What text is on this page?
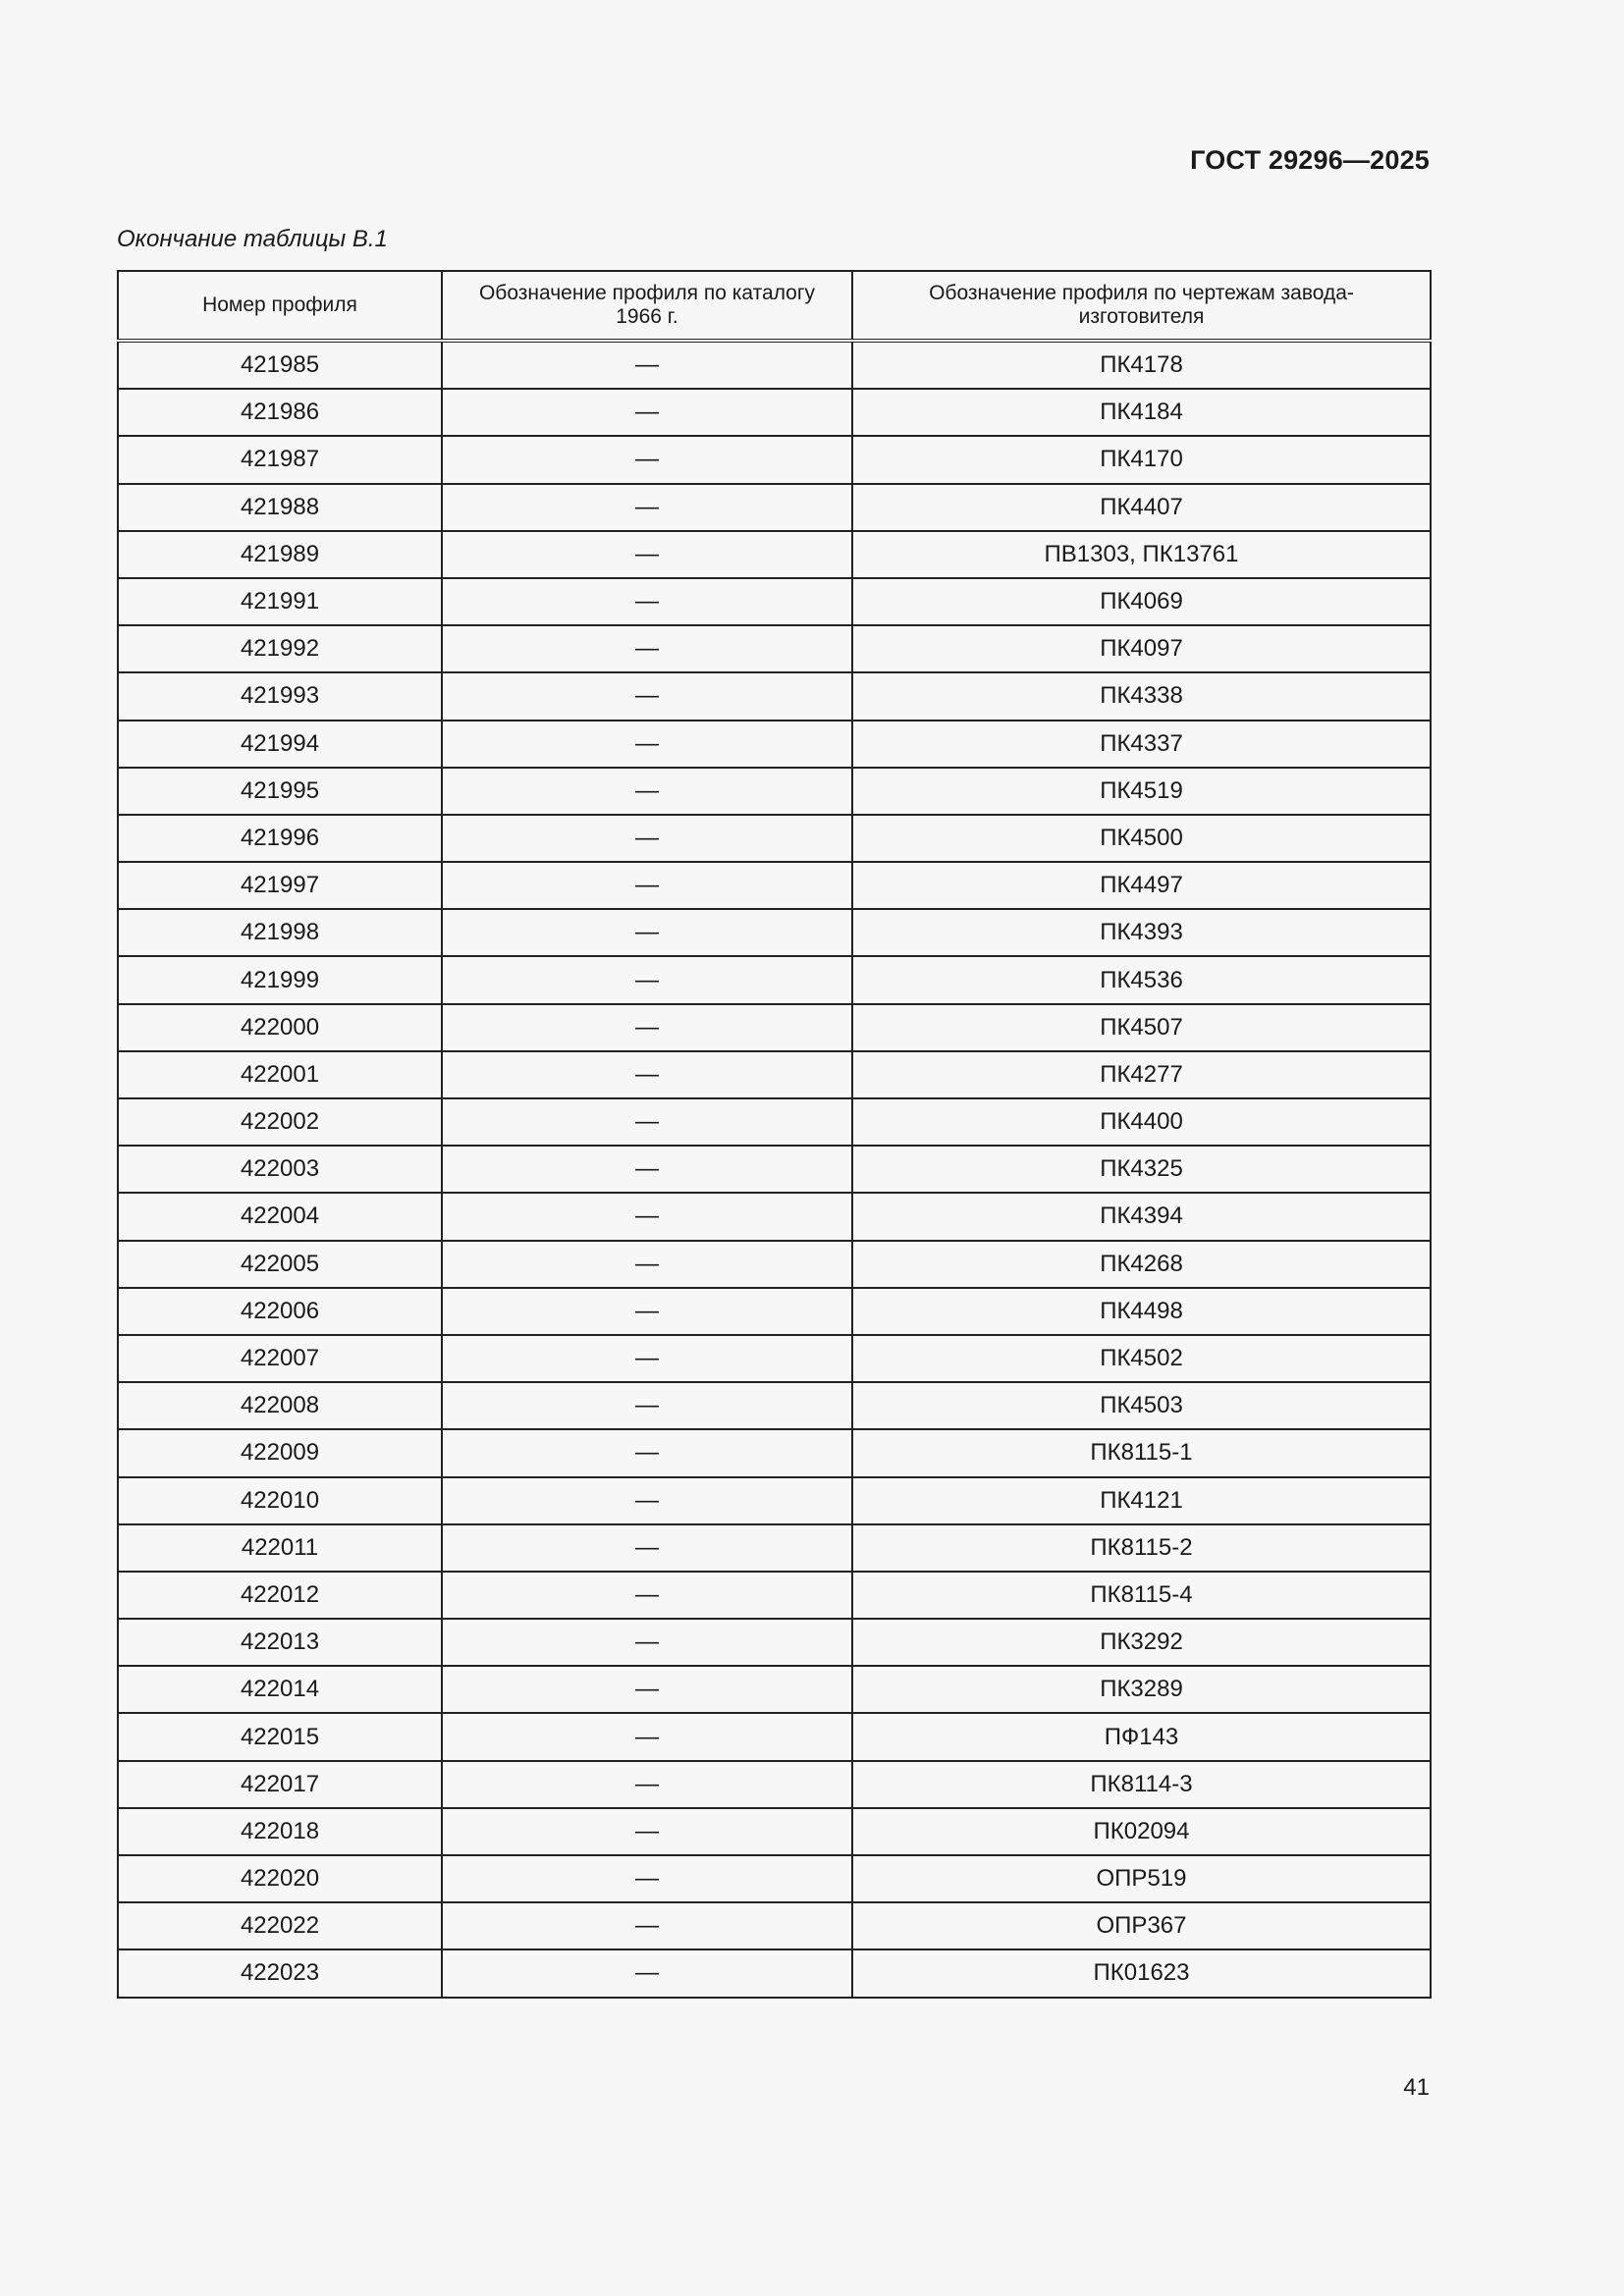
ГОСТ 29296—2025
Окончание таблицы В.1
Номер профиля	Обозначение профиля по каталогу 1966 г.	Обозначение профиля по чертежам завода-изготовителя
421985	—	ПК4178
421986	—	ПК4184
421987	—	ПК4170
421988	—	ПК4407
421989	—	ПВ1303, ПК13761
421991	—	ПК4069
421992	—	ПК4097
421993	—	ПК4338
421994	—	ПК4337
421995	—	ПК4519
421996	—	ПК4500
421997	—	ПК4497
421998	—	ПК4393
421999	—	ПК4536
422000	—	ПК4507
422001	—	ПК4277
422002	—	ПК4400
422003	—	ПК4325
422004	—	ПК4394
422005	—	ПК4268
422006	—	ПК4498
422007	—	ПК4502
422008	—	ПК4503
422009	—	ПК8115-1
422010	—	ПК4121
422011	—	ПК8115-2
422012	—	ПК8115-4
422013	—	ПК3292
422014	—	ПК3289
422015	—	ПФ143
422017	—	ПК8114-3
422018	—	ПК02094
422020	—	ОПР519
422022	—	ОПР367
422023	—	ПК01623
41
